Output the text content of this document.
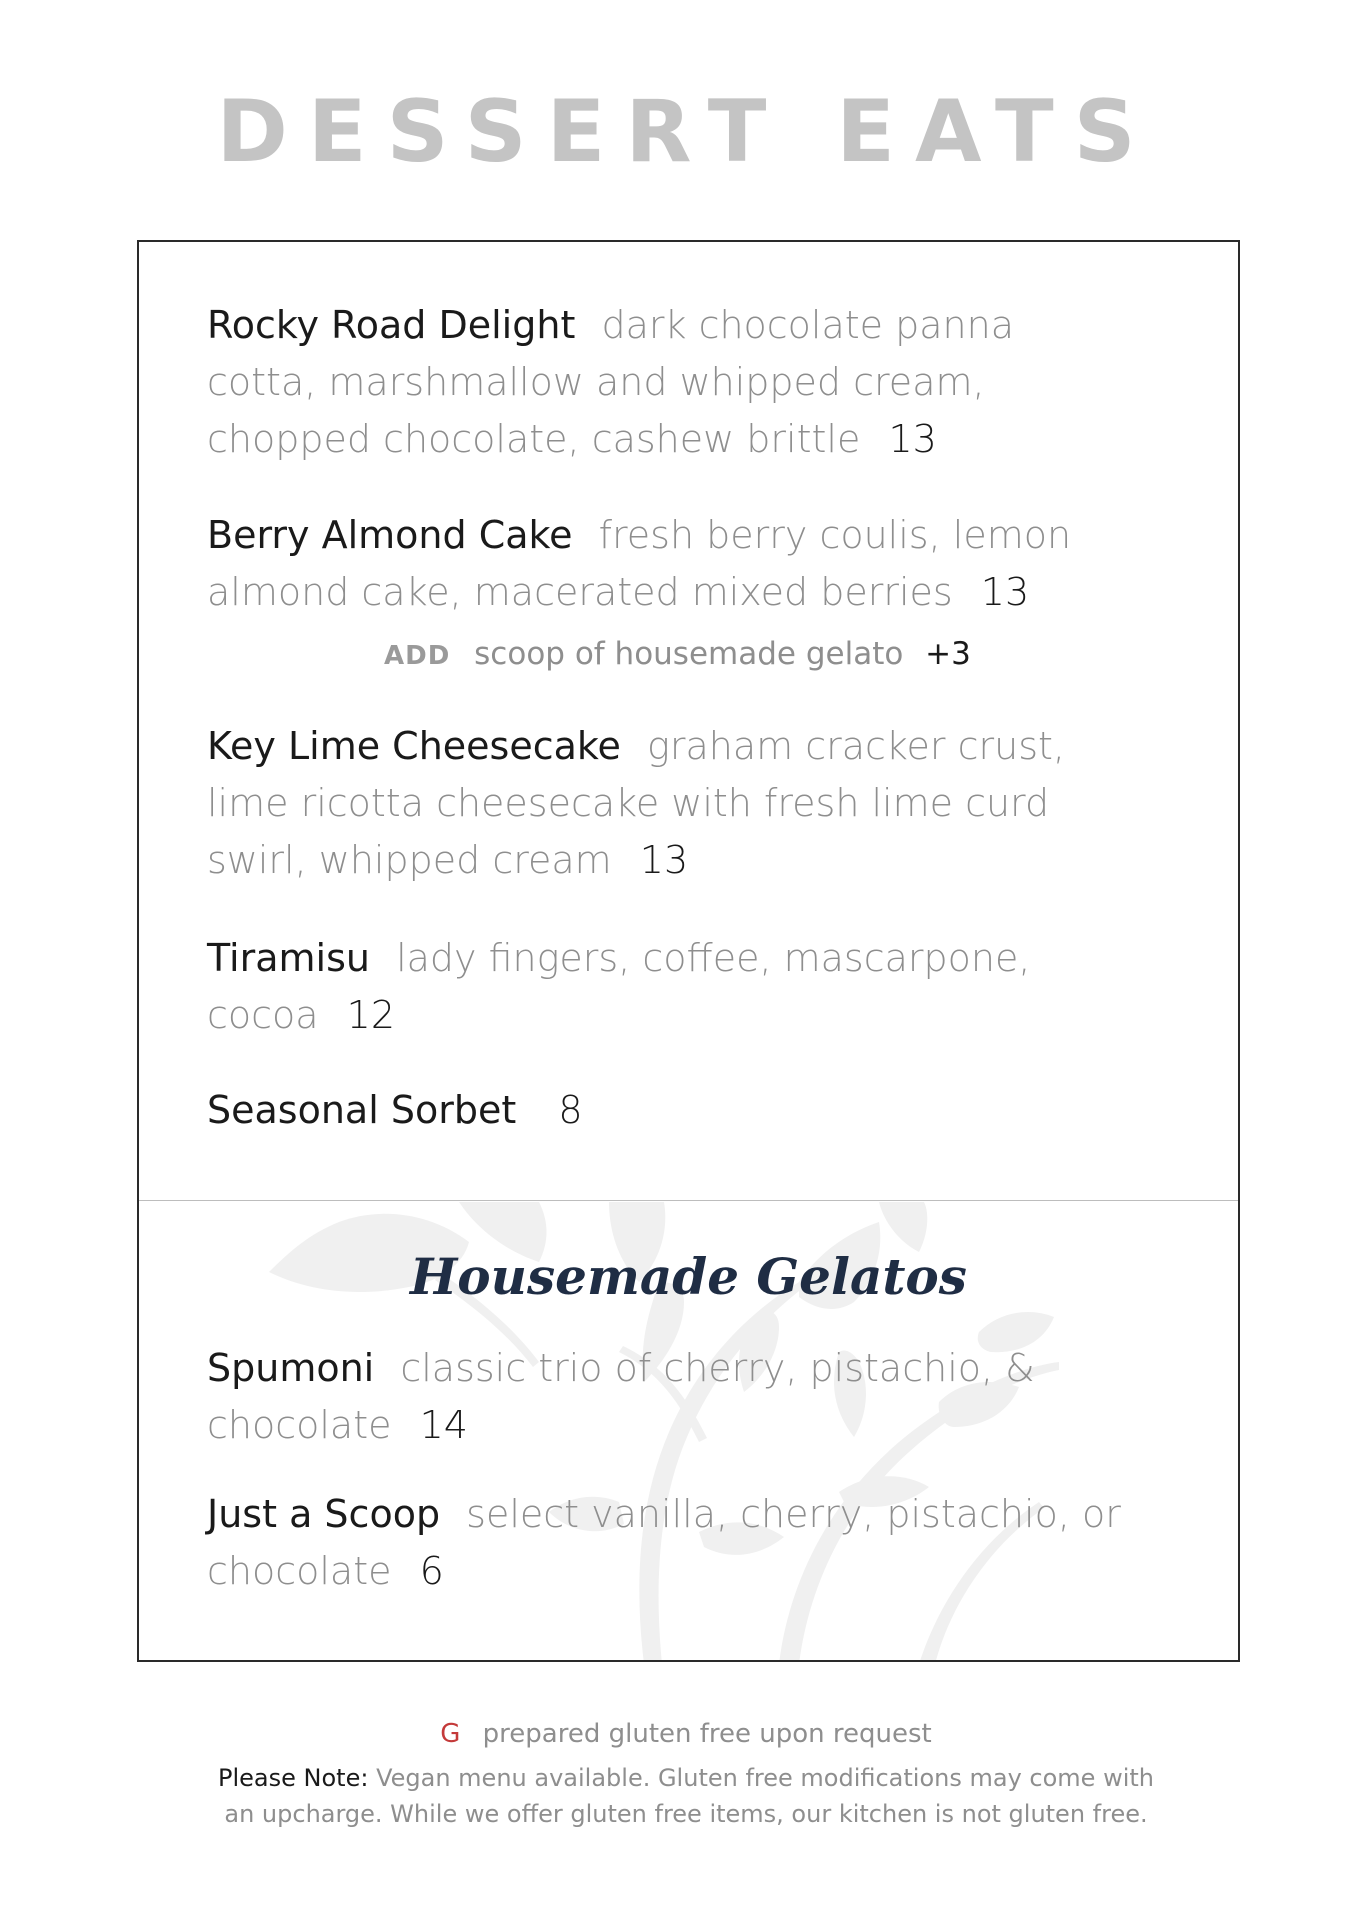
DESSERT EATS
Rocky Road Delight dark chocolate panna cotta, marshmallow and whipped cream, chopped chocolate, cashew brittle 13
Berry Almond Cake fresh berry coulis, lemon almond cake, macerated mixed berries 13
ADD scoop of housemade gelato +3
Key Lime Cheesecake graham cracker crust, lime ricotta cheesecake with fresh lime curd swirl, whipped cream 13
Tiramisu lady fingers, coffee, mascarpone, cocoa 12
Seasonal Sorbet 8
Housemade Gelatos
Spumoni classic trio of cherry, pistachio, &
chocolate 14
Just a Scoop select vanilla, cherry, pistachio, or
chocolate 6
G prepared gluten free upon request
Please Note: Vegan menu available. Gluten free modifications may come with an upcharge. While we offer gluten free items, our kitchen is not gluten free.
